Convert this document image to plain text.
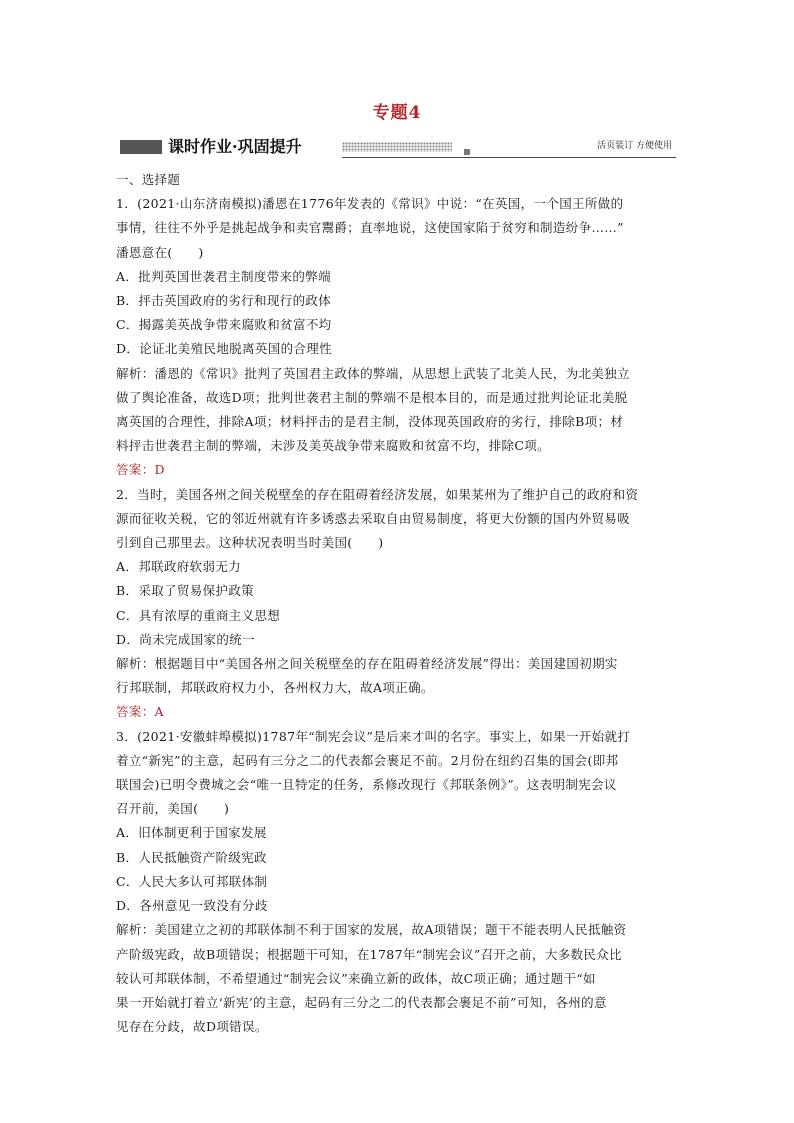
专题4
课时作业·巩固提升	活页装订 方便使用
一、选择题
1．(2021·山东济南模拟)潘恩在1776年发表的《常识》中说：“在英国，一个国王所做的
事情，往往不外乎是挑起战争和卖官鬻爵；直率地说，这使国家陷于贫穷和制造纷争……”
潘恩意在(　　)
A．批判英国世袭君主制度带来的弊端
B．抨击英国政府的劣行和现行的政体
C．揭露美英战争带来腐败和贫富不均
D．论证北美殖民地脱离英国的合理性
解析：潘恩的《常识》批判了英国君主政体的弊端，从思想上武装了北美人民，为北美独立
做了舆论准备，故选D项；批判世袭君主制的弊端不是根本目的，而是通过批判论证北美脱
离英国的合理性，排除A项；材料抨击的是君主制，没体现英国政府的劣行，排除B项；材
料抨击世袭君主制的弊端，未涉及美英战争带来腐败和贫富不均，排除C项。
答案：D
2．当时，美国各州之间关税壁垒的存在阻碍着经济发展，如果某州为了维护自己的政府和资
源而征收关税，它的邻近州就有许多诱惑去采取自由贸易制度，将更大份额的国内外贸易吸
引到自己那里去。这种状况表明当时美国(　　)
A．邦联政府软弱无力
B．采取了贸易保护政策
C．具有浓厚的重商主义思想
D．尚未完成国家的统一
解析：根据题目中“美国各州之间关税壁垒的存在阻碍着经济发展”得出：美国建国初期实
行邦联制，邦联政府权力小，各州权力大，故A项正确。
答案：A
3．(2021·安徽蚌埠模拟)1787年“制宪会议”是后来才叫的名字。事实上，如果一开始就打
着立“新宪”的主意，起码有三分之二的代表都会裹足不前。2月份在纽约召集的国会(即邦
联国会)已明令费城之会“唯一且特定的任务，系修改现行《邦联条例》”。这表明制宪会议
召开前，美国(　　)
A．旧体制更利于国家发展
B．人民抵触资产阶级宪政
C．人民大多认可邦联体制
D．各州意见一致没有分歧
解析：美国建立之初的邦联体制不利于国家的发展，故A项错误；题干不能表明人民抵触资
产阶级宪政，故B项错误；根据题干可知，在1787年“制宪会议”召开之前，大多数民众比
较认可邦联体制，不希望通过“制宪会议”来确立新的政体，故C项正确；通过题干“如
果一开始就打着立‘新宪’的主意，起码有三分之二的代表都会裹足不前”可知，各州的意
见存在分歧，故D项错误。
